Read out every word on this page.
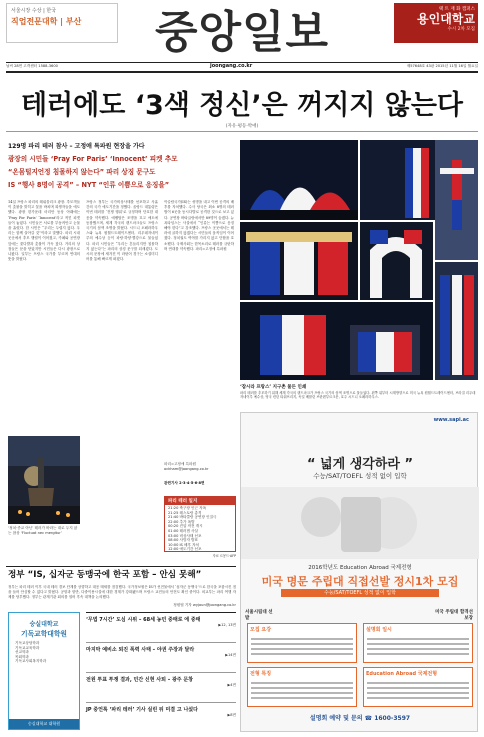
서울시장 수상 | 한국
직업전문대학 | 부산	중앙일보	택 트 재 화 캠퍼스
용인대학교
수시 2차 모집
날씨 28면 고객센터 1588-3600	joongang.co.kr	제57648호 43판 2015년 11월 16일 월요일
테러에도 ‘3색 정신’은 꺼지지 않는다
(자유·평등·박애)
129명 파리 테러 참사 – 고정애 특파원 현장을 가다
광장의 시민들 ‘Pray For Paris’ ‘Innocent’ 피켓 추모
“온몸털지언정 침몰하지 않는다” 파리 상징 문구도
IS “행사 8명이 공격” – NYT “인류 이쁨으로 응징을”
14일 프랑스 파리의 레퓌블리크 광장. 추모객들이 촛불을 밝히고 꽃을 바치며 희생자들을 애도했다. 광장 한가운데 마리안 동상 아래에는 ‘Pray For Paris’ ‘Innocent’라고 적힌 피켓들이 놓였다. 시민들은 서로를 부둥켜안고 눈물을 흘렸다. 한 시민은 “우리는 두렵지 않다. 우리는 함께 살아갈 것”이라고 말했다. 파리 시내 곳곳에서 추모 행렬이 이어졌고, 카페와 공연장 앞에는 꽃다발과 촛불이 가득 찼다. 거리의 상점들은 문을 닫았지만 시민들은 다시 광장으로 나왔다. 일부는 프랑스 국가를 부르며 연대의 뜻을 밝혔다.
프랑스 정부는 국가비상사태를 선포하고 사흘간의 국가 애도기간을 정했다. 올랑드 대통령은 이번 테러를 ‘전쟁 행위’로 규정하며 단호한 대응을 약속했다. 에펠탑은 조명을 끄고 애도에 동참했으며, 세계 각국의 랜드마크들도 프랑스 국기의 삼색 조명을 밝혔다. 시드니 오페라하우스와 뉴욕 원월드트레이드센터, 리우데자네이루의 예수상 등이 파랑·하양·빨강으로 물들었다. 파리 시민들은 “우리는 흔들리지만 침몰하지 않는다”는 파리의 상징 문구를 되새겼다. 도시의 문장에 새겨진 이 라틴어 경구는 소셜미디어를 통해 빠르게 퍼졌다.
이슬람국가(IS)는 성명을 내고 이번 공격의 배후를 자처했다. 수사 당국은 최소 8명의 테러범이 6곳을 동시다발로 공격한 것으로 보고 있다. 공연장 바타클랑에서만 89명이 숨졌다. 뉴욕타임스는 사설에서 “인류는 이쁨으로 응징해야 한다”고 강조했다. 프랑스 곳곳에서는 테러에 굴하지 않겠다는 시민들의 움직임이 이어졌다. 정치권도 여야를 가리지 않고 단합을 호소했다. 국제사회는 한목소리로 테러를 규탄하며 연대를 약속했다. 파리=고정애 특파원
파리=고정애 특파원 ockham@joongang.co.kr
관련기사 2·3·4·5·6·8면
‘정치·종교 아닌’ 테러가 바라는 대로 두지 않는 참상 ‘Fluctuat nec mergitur’
파리 테러 일지
21:20 축구장 인근 자폭
21:25 레스토랑 총격
21:40 바타클랑 공연장 인질극
22:00 추가 폭발
00:20 진압 작전 개시
01:00 테러범 사살
03:00 비상사태 선포
08:00 사망자 발표
10:00 IS 배후 자처
12:00 애도기간 선포
자료 르몽드·AFP
‘잠시라 프랑스’ 지구촌 물든 인쇄
파리 테러를 추모하기 위해 세계 각국의 랜드마크가 프랑스 국기의 삼색 조명으로 물들었다. 왼쪽 위부터 시계방향으로 미국 뉴욕 원월드트레이드센터, 브라질 리우데자네이루 예수상, 영국 런던 타워브리지, 독일 베를린 브란덴부르크문, 호주 시드니 오페라하우스.
www.sapi.ac
“ 넓게 생각하라 ”
수능/SAT/TOEFL 성적 없이 입학
2016학년도 Education Abroad 국제전형
미국 명문 주립대 직접선발 정시1차 모집
수능/SAT/TOEFL 성적 없이 입학
서울시립대 선발
미국 주립대 합격선 보장
모집 요강	설명회 일시
전형 특징	Education Abroad 국제전형
설명회 예약 및 문의 ☎ 1600-3597
정부 “IS, 십자군 동맹국에 한국 포함 – 안심 못해”
정부는 파리 테러 이후 국내 테러 경보 단계를 상향하고 대응 태세를 점검했다. 국가정보원은 IS가 선전물에서 ‘십자군 동맹국’으로 한국을 포함시킨 점을 들어 안심할 수 없다고 밝혔다. 공항과 항만, 다중이용시설에 대한 경계가 강화됐으며 프랑스 교민들의 안전도 확인 중이다. 외교부는 파리 여행 자제를 당부했다. 정부는 관계기관 회의를 열어 후속 대책을 논의했다.
정원엽 기자 wyjoun@joongang.co.kr
숭실대학교
기독교학대학원
기독교상담학과
기독교교육학과
선교학과
목회학과
기독교사회복지학과
숭실대학교 대학원
‘무법 7시간’ 도심 시위 – 68세 농민 중태로 에 중태
▶12, 13면
마지막 예비소 퇴진 폭력 사태 – 야권 주장과 달라
▶14면
전원 투표 투쟁 결과, 민간 신현 사퇴 – 광주 문창
▶4면
JP 중언록 ‘파리 테러’ 기사 실린 뒤 미결 고 나섰다
▶8면
